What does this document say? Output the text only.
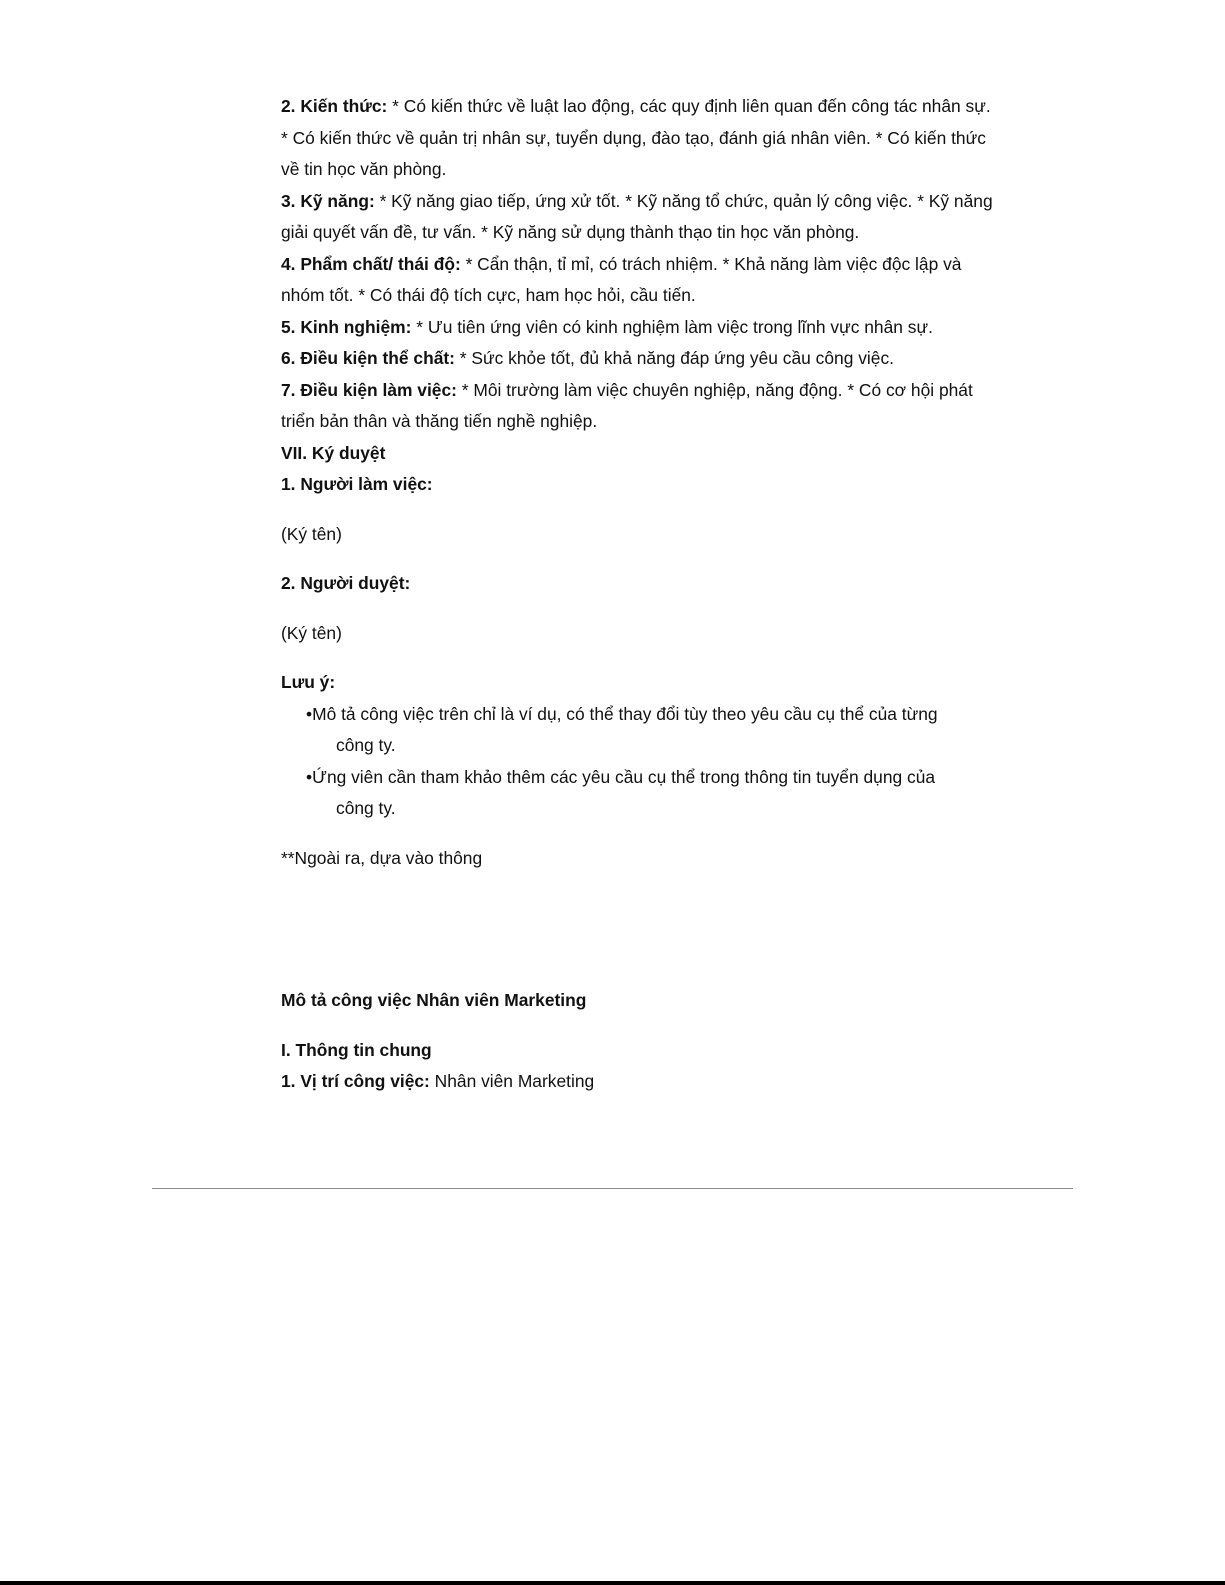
2. Kiến thức: * Có kiến thức về luật lao động, các quy định liên quan đến công tác nhân sự. * Có kiến thức về quản trị nhân sự, tuyển dụng, đào tạo, đánh giá nhân viên. * Có kiến thức về tin học văn phòng.

3. Kỹ năng: * Kỹ năng giao tiếp, ứng xử tốt. * Kỹ năng tổ chức, quản lý công việc. * Kỹ năng giải quyết vấn đề, tư vấn. * Kỹ năng sử dụng thành thạo tin học văn phòng.

4. Phẩm chất/ thái độ: * Cẩn thận, tỉ mỉ, có trách nhiệm. * Khả năng làm việc độc lập và nhóm tốt. * Có thái độ tích cực, ham học hỏi, cầu tiến.

5. Kinh nghiệm: * Ưu tiên ứng viên có kinh nghiệm làm việc trong lĩnh vực nhân sự.

6. Điều kiện thể chất: * Sức khỏe tốt, đủ khả năng đáp ứng yêu cầu công việc.

7. Điều kiện làm việc: * Môi trường làm việc chuyên nghiệp, năng động. * Có cơ hội phát triển bản thân và thăng tiến nghề nghiệp.

VII. Ký duyệt

1. Người làm việc:

(Ký tên)

2. Người duyệt:

(Ký tên)

Lưu ý:

•Mô tả công việc trên chỉ là ví dụ, có thể thay đổi tùy theo yêu cầu cụ thể của từng
công ty.

•Ứng viên cần tham khảo thêm các yêu cầu cụ thể trong thông tin tuyển dụng của
công ty.

**Ngoài ra, dựa vào thông

Mô tả công việc Nhân viên Marketing

I. Thông tin chung

1. Vị trí công việc: Nhân viên Marketing
